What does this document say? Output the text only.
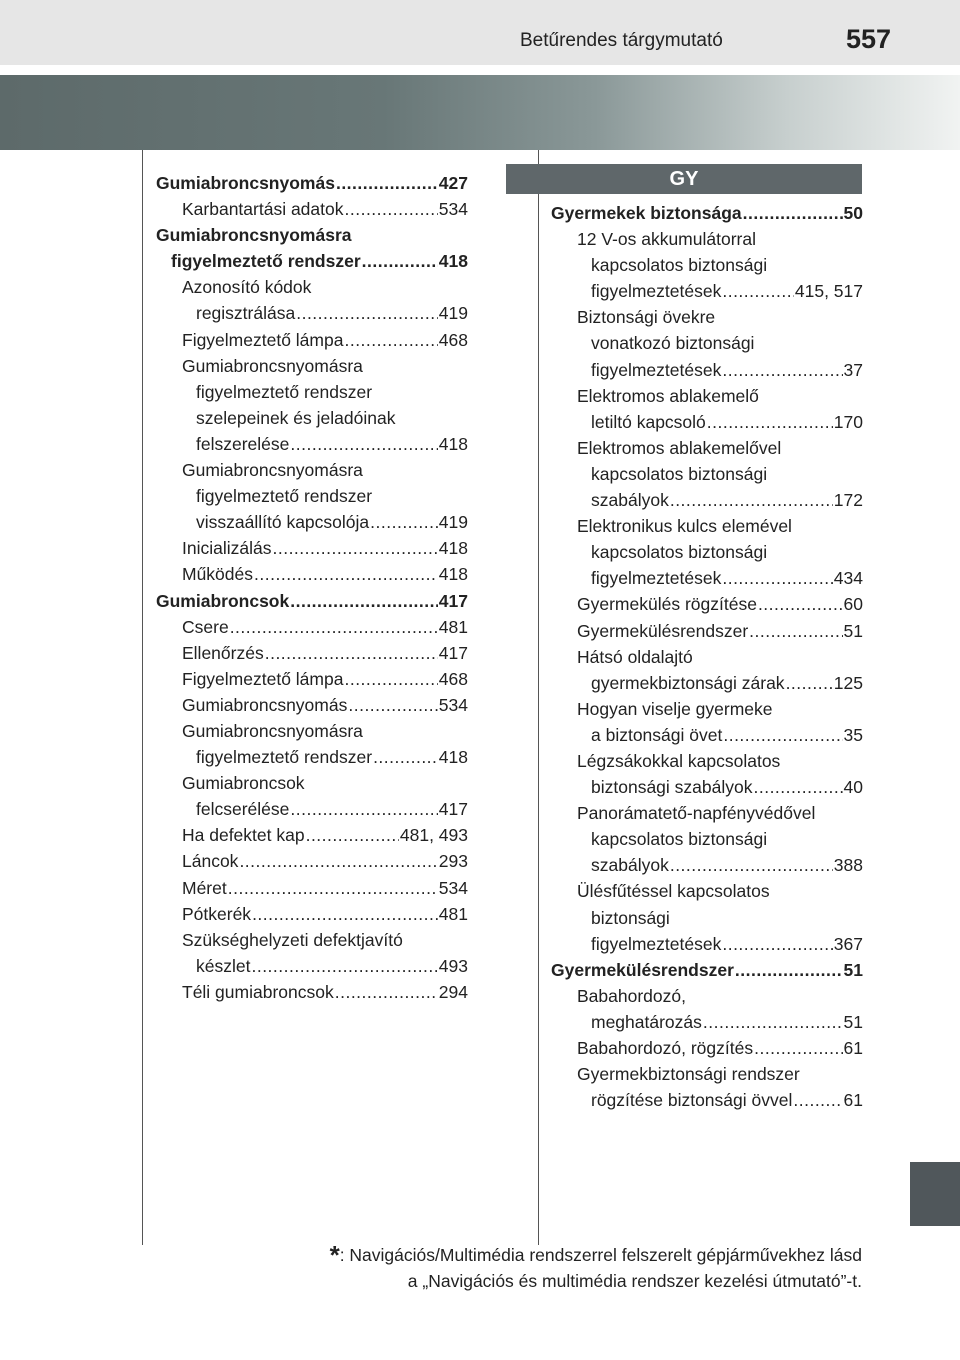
Betűrendes tárgymutató	557
GY
Gumiabroncsnyomás .....	427
Karbantartási adatok .....	534
Gumiabroncsnyomásra
figyelmeztető rendszer .....	418
Azonosító kódok
regisztrálása .....	419
Figyelmeztető lámpa .....	468
Gumiabroncsnyomásra
figyelmeztető rendszer
szelepeinek és jeladóinak
felszerelése .....	418
Gumiabroncsnyomásra
figyelmeztető rendszer
visszaállító kapcsolója .....	419
Inicializálás .....	418
Működés .....	418
Gumiabroncsok .....	417
Csere .....	481
Ellenőrzés .....	417
Figyelmeztető lámpa .....	468
Gumiabroncsnyomás .....	534
Gumiabroncsnyomásra
figyelmeztető rendszer .....	418
Gumiabroncsok
felcserélése .....	417
Ha defektet kap .....	481, 493
Láncok .....	293
Méret .....	534
Pótkerék .....	481
Szükséghelyzeti defektjavító
készlet .....	493
Téli gumiabroncsok .....	294
Gyermekek biztonsága .....	50
12 V-os akkumulátorral
kapcsolatos biztonsági
figyelmeztetések .....	415, 517
Biztonsági övekre
vonatkozó biztonsági
figyelmeztetések .....	37
Elektromos ablakemelő
letiltó kapcsoló .....	170
Elektromos ablakemelővel
kapcsolatos biztonsági
szabályok .....	172
Elektronikus kulcs elemével
kapcsolatos biztonsági
figyelmeztetések .....	434
Gyermekülés rögzítése .....	60
Gyermekülésrendszer .....	51
Hátsó oldalajtó
gyermekbiztonsági zárak .....	125
Hogyan viselje gyermeke
a biztonsági övet .....	35
Légzsákokkal kapcsolatos
biztonsági szabályok .....	40
Panorámatető-napfényvédővel
kapcsolatos biztonsági
szabályok .....	388
Ülésfűtéssel kapcsolatos
biztonsági
figyelmeztetések .....	367
Gyermekülésrendszer .....	51
Babahordozó,
meghatározás .....	51
Babahordozó, rögzítés .....	61
Gyermekbiztonsági rendszer
rögzítése biztonsági övvel .....	61
*: Navigációs/Multimédia rendszerrel felszerelt gépjárművekhez lásd
a „Navigációs és multimédia rendszer kezelési útmutató”-t.
